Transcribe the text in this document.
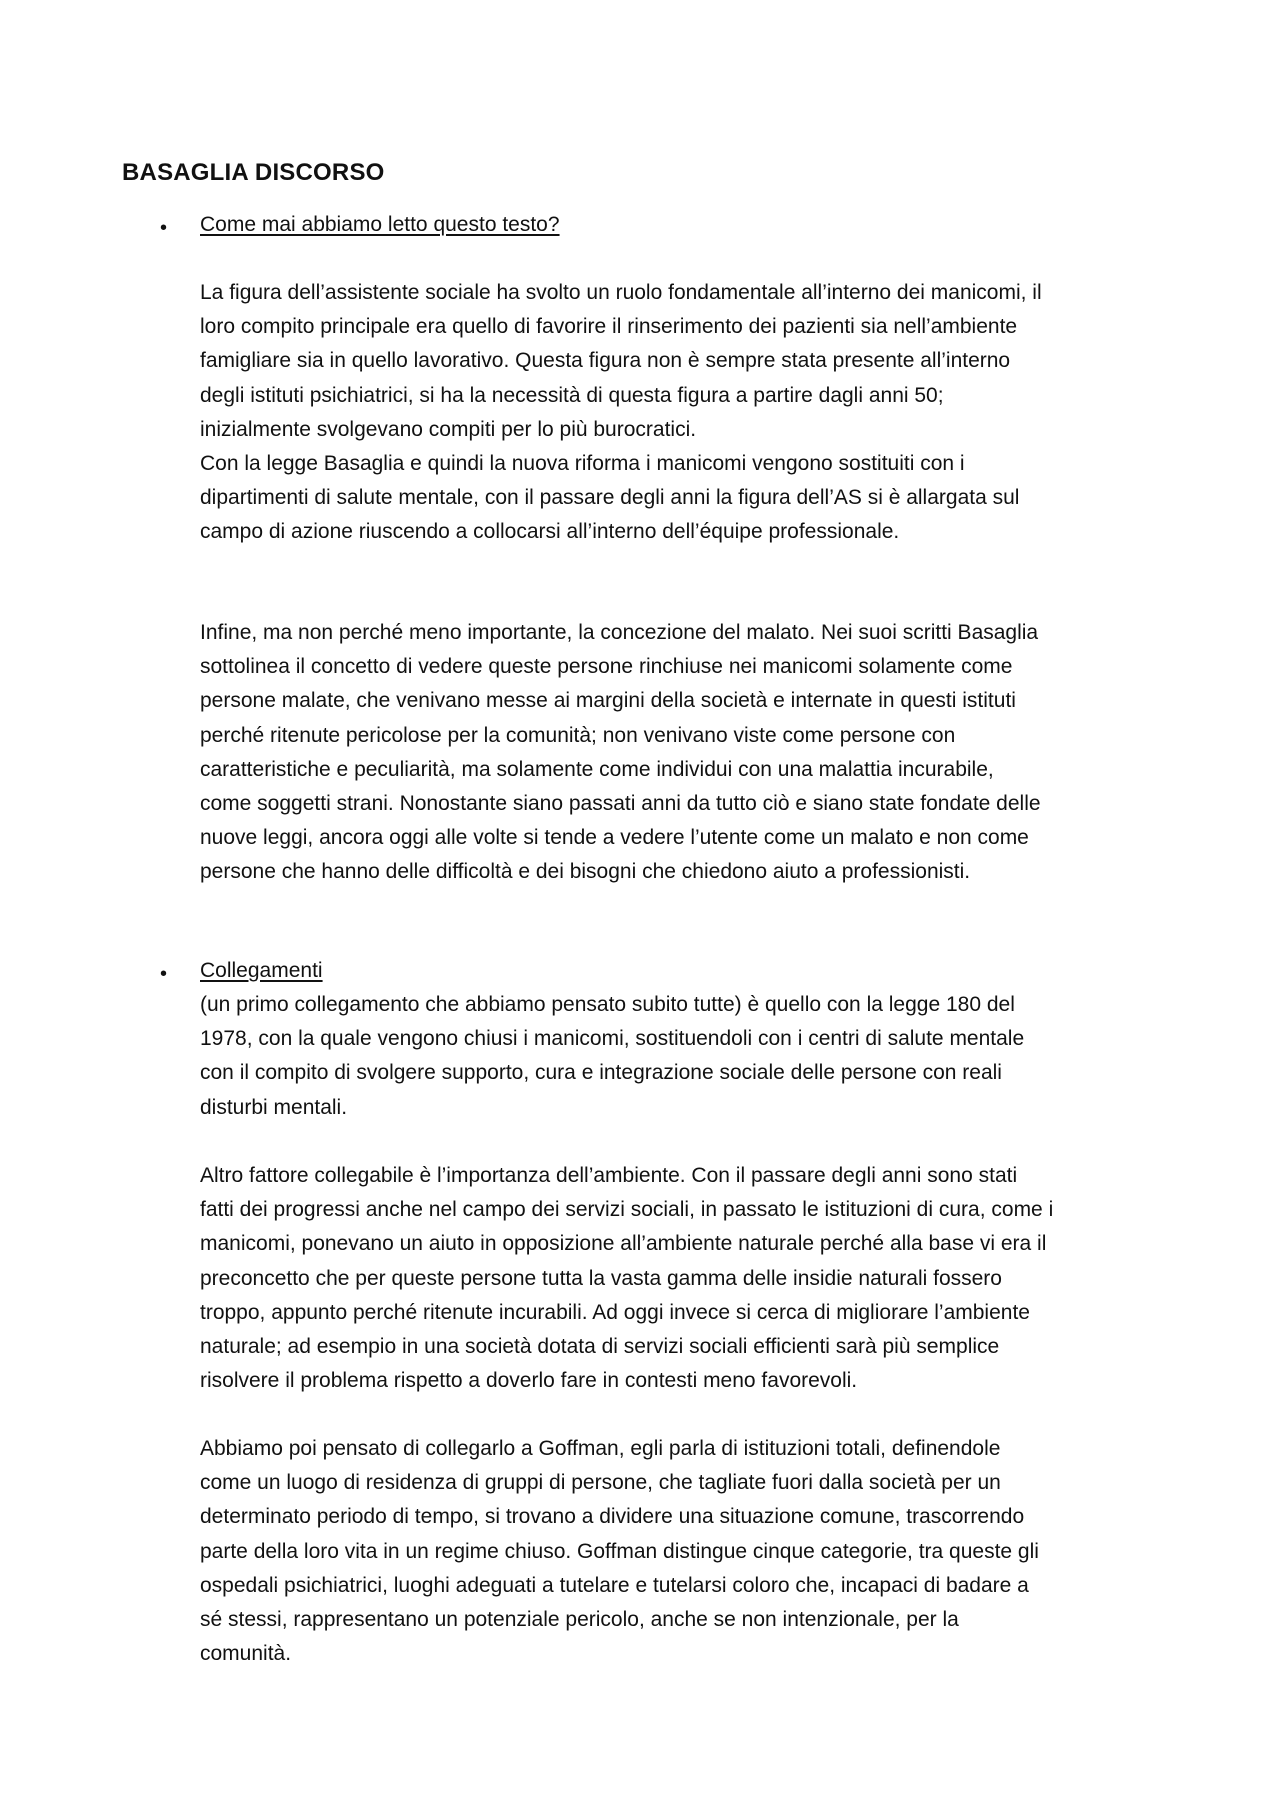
BASAGLIA DISCORSO
• Come mai abbiamo letto questo testo?

La figura dell’assistente sociale ha svolto un ruolo fondamentale all’interno dei manicomi, il
loro compito principale era quello di favorire il rinserimento dei pazienti sia nell’ambiente
famigliare sia in quello lavorativo. Questa figura non è sempre stata presente all’interno
degli istituti psichiatrici, si ha la necessità di questa figura a partire dagli anni 50;
inizialmente svolgevano compiti per lo più burocratici.
Con la legge Basaglia e quindi la nuova riforma i manicomi vengono sostituiti con i
dipartimenti di salute mentale, con il passare degli anni la figura dell’AS si è allargata sul
campo di azione riuscendo a collocarsi all’interno dell’équipe professionale.

Infine, ma non perché meno importante, la concezione del malato. Nei suoi scritti Basaglia
sottolinea il concetto di vedere queste persone rinchiuse nei manicomi solamente come
persone malate, che venivano messe ai margini della società e internate in questi istituti
perché ritenute pericolose per la comunità; non venivano viste come persone con
caratteristiche e peculiarità, ma solamente come individui con una malattia incurabile,
come soggetti strani. Nonostante siano passati anni da tutto ciò e siano state fondate delle
nuove leggi, ancora oggi alle volte si tende a vedere l’utente come un malato e non come
persone che hanno delle difficoltà e dei bisogni che chiedono aiuto a professionisti.

• Collegamenti

(un primo collegamento che abbiamo pensato subito tutte) è quello con la legge 180 del
1978, con la quale vengono chiusi i manicomi, sostituendoli con i centri di salute mentale
con il compito di svolgere supporto, cura e integrazione sociale delle persone con reali
disturbi mentali.

Altro fattore collegabile è l’importanza dell’ambiente. Con il passare degli anni sono stati
fatti dei progressi anche nel campo dei servizi sociali, in passato le istituzioni di cura, come i
manicomi, ponevano un aiuto in opposizione all’ambiente naturale perché alla base vi era il
preconcetto che per queste persone tutta la vasta gamma delle insidie naturali fossero
troppo, appunto perché ritenute incurabili. Ad oggi invece si cerca di migliorare l’ambiente
naturale; ad esempio in una società dotata di servizi sociali efficienti sarà più semplice
risolvere il problema rispetto a doverlo fare in contesti meno favorevoli.

Abbiamo poi pensato di collegarlo a Goffman, egli parla di istituzioni totali, definendole
come un luogo di residenza di gruppi di persone, che tagliate fuori dalla società per un
determinato periodo di tempo, si trovano a dividere una situazione comune, trascorrendo
parte della loro vita in un regime chiuso. Goffman distingue cinque categorie, tra queste gli
ospedali psichiatrici, luoghi adeguati a tutelare e tutelarsi coloro che, incapaci di badare a
sé stessi, rappresentano un potenziale pericolo, anche se non intenzionale, per la
comunità.
